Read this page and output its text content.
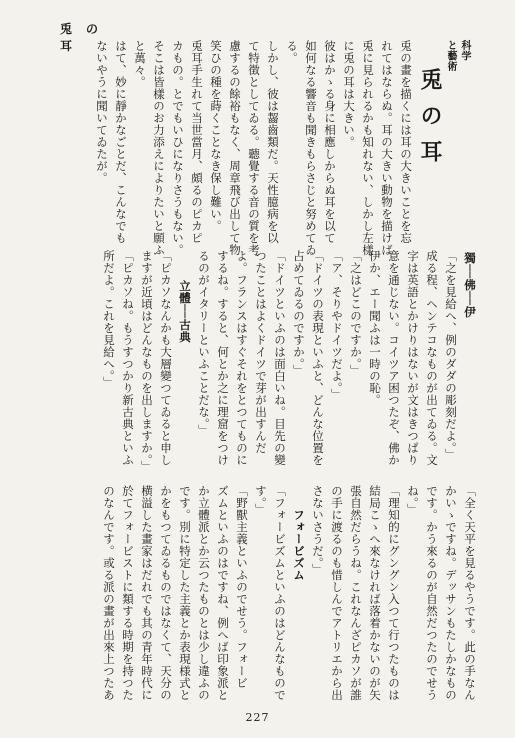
兎の耳	科学
と藝術
兎の耳
兎の畫を描くには耳の大きいことを忘
れてはならぬ。耳の大きい動物を描けば
兎に見られるかも知れない、しかし左樣
に兎の耳は大きい。
彼はかゝる身に相應しからぬ耳を以て
如何なる響音も聞きもらさじと努めてゐ
る。
しかし、彼は齧齒類だ。天性臆病を以
て特徴としてゐる。聽覺する音の質を考
慮するの餘裕もなく、周章飛び出して物
笑ひの種を蒔くことなき保し難い。
兎耳手生れて当世當月、頗るのピカピ
カもの。とでもいひになりさうもない。
そこは皆樣のお力添えによりたいと願ふ
と萬々。
はて、妙に靜かなごとだ、こんなでも
ないやうに聞いてゐたが。
獨──佛──伊
「之を見給へ、例のダダの彫刻だよ。」
成る程、ヘンテコなものが出てゐる。文
字は英語とかけりはないが文はきつぱり
意を通じない。コイツア困つたぞ、佛か
伊か、エー聞ふは一時の恥。
「之はどこのですか。」
「ア、そりやドイツだよ。」
「ドイツの表現といふと、どんな位置を
占めてゐるのですか。」
「ドイツといふのは面白いね。目先の變
つたことはよくドイツで芽が出すんだ
よ。フランスはすぐそれをとつてものに
するね。すると、何とか之に理窟をつけ
るのがイタリーといふことだな。」
立體──古典
「ピカソなんかも大層變つてゐると申し
ますが近頃はどんなものを出しますか。」
「ピカソね。もうすつかり新古典といふ
所だよ。これを見給へ。」
「全く天平を見るやうです。此の手なん
かいゝですね。デッサンもたしかなもの
です。かう來るのが自然だつたのでせう
ね。」
「理知的にグングン入つて行つたものは
結局こゝへ來なければ落着かないのが矢
張自然だらうね。これなんざピカソが誰
の手に渡るのも惜しんでアトリエから出
さないさうだ。」
フォービズム
「フォービズムといふのはどんなもので
す。」
「野獸主義といふのでせう。フォービ
ズムといふのはですね、例へば印象派と
か立體派とか云つたものとは少し違ふの
です。別に特定した主義とか表現様式と
かをもつてゐるものではなくて、天分の
横溢した畫家はだれでも其の青年時代に
於てフォービストに類する時期を持つた
のなんです。或る派の畫が出來上つたあ
227
